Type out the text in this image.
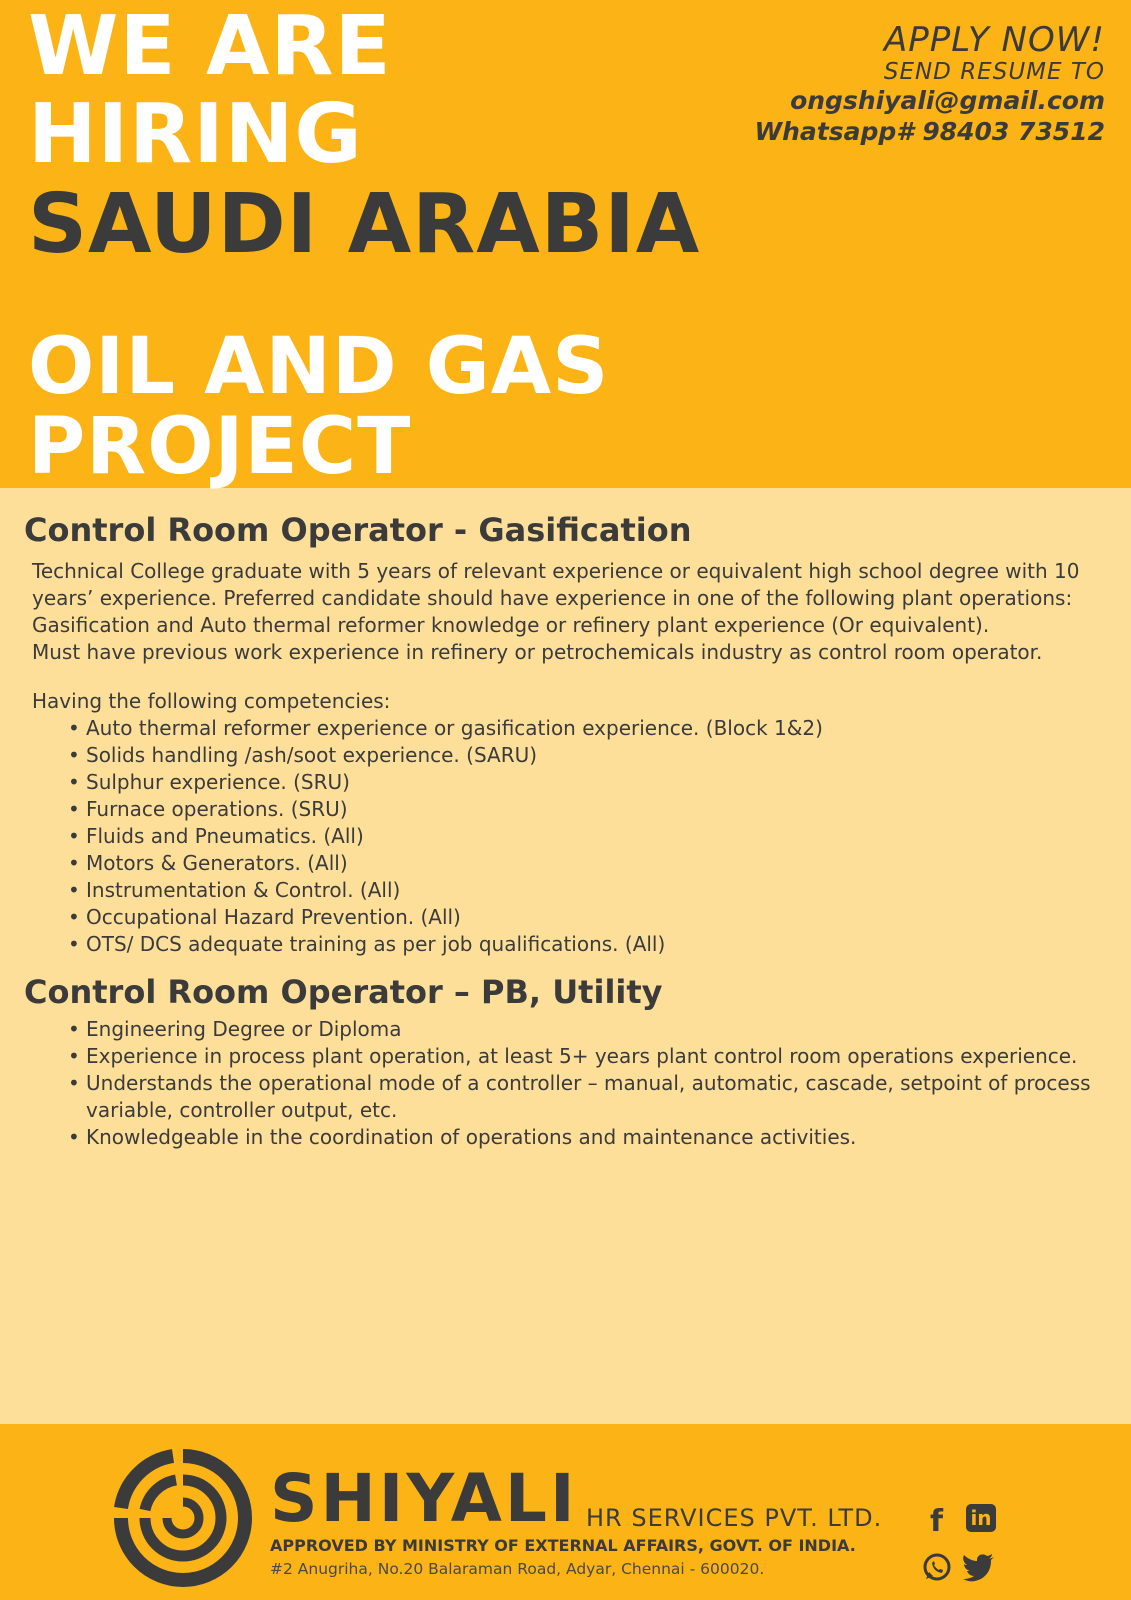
WE ARE
HIRING
SAUDI ARABIA
OIL AND GAS
PROJECT
APPLY NOW!
SEND RESUME TO
ongshiyali@gmail.com
Whatsapp# 98403 73512
Control Room Operator - Gasification
Technical College graduate with 5 years of relevant experience or equivalent high school degree with 10 years’ experience. Preferred candidate should have experience in one of the following plant operations: Gasification and Auto thermal reformer knowledge or refinery plant experience (Or equivalent).
Must have previous work experience in refinery or petrochemicals industry as control room operator.
Having the following competencies:
• Auto thermal reformer experience or gasification experience. (Block 1&2)
• Solids handling /ash/soot experience. (SARU)
• Sulphur experience. (SRU)
• Furnace operations. (SRU)
• Fluids and Pneumatics. (All)
• Motors & Generators. (All)
• Instrumentation & Control. (All)
• Occupational Hazard Prevention. (All)
• OTS/ DCS adequate training as per job qualifications. (All)
Control Room Operator – PB, Utility
• Engineering Degree or Diploma
• Experience in process plant operation, at least 5+ years plant control room operations experience.
• Understands the operational mode of a controller – manual, automatic, cascade, setpoint of process variable, controller output, etc.
• Knowledgeable in the coordination of operations and maintenance activities.
SHIYALI HR SERVICES PVT. LTD.
APPROVED BY MINISTRY OF EXTERNAL AFFAIRS, GOVT. OF INDIA.
#2 Anugriha, No.20 Balaraman Road, Adyar, Chennai - 600020.
f in
